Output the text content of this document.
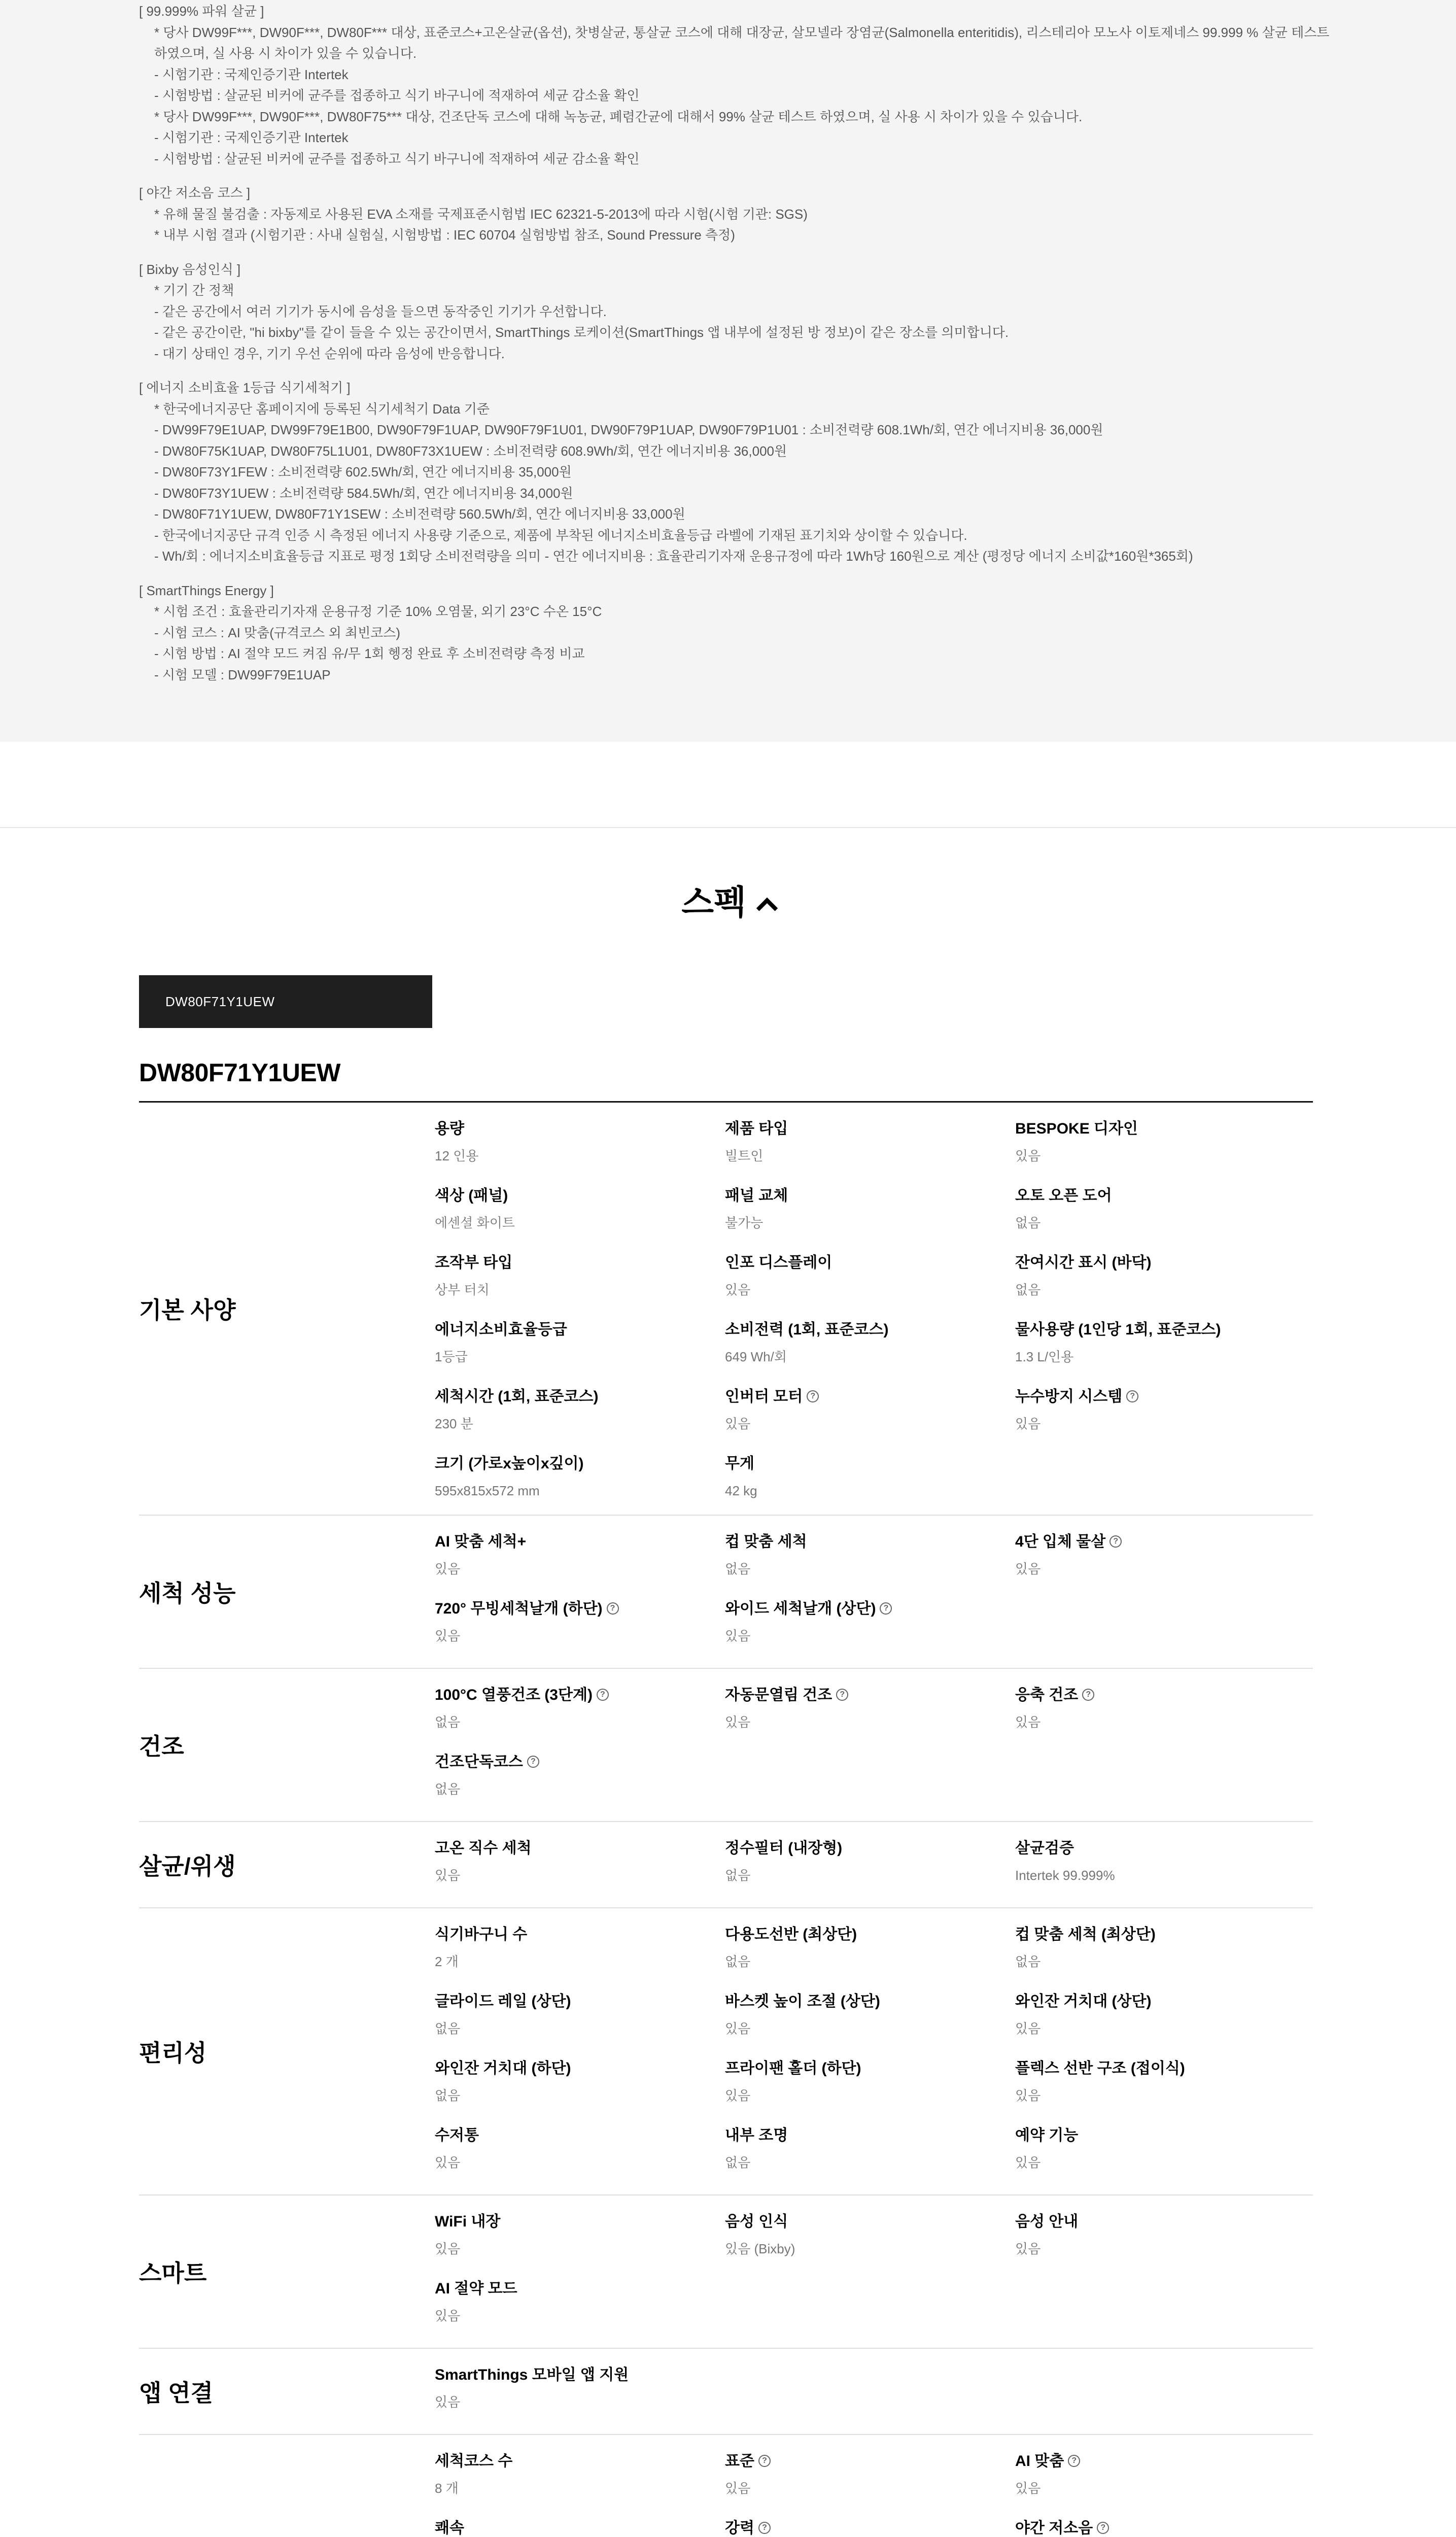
[ 99.999% 파워 살균 ]
* 당사 DW99F***, DW90F***, DW80F*** 대상, 표준코스+고온살균(옵션), 찻병살균, 통살균 코스에 대해 대장균, 살모넬라 장염균(Salmonella enteritidis), 리스테리아 모노사 이토제네스 99.999 % 살균 테스트
하였으며, 실 사용 시 차이가 있을 수 있습니다.
- 시험기관 : 국제인증기관 Intertek
- 시험방법 : 살균된 비커에 균주를 접종하고 식기 바구니에 적재하여 세균 감소율 확인
* 당사 DW99F***, DW90F***, DW80F75*** 대상, 건조단독 코스에 대해 녹농균, 폐렴간균에 대해서 99% 살균 테스트 하였으며, 실 사용 시 차이가 있을 수 있습니다.
- 시험기관 : 국제인증기관 Intertek
- 시험방법 : 살균된 비커에 균주를 접종하고 식기 바구니에 적재하여 세균 감소율 확인
[ 야간 저소음 코스 ]
* 유해 물질 불검출 : 자동제로 사용된 EVA 소재를 국제표준시험법 IEC 62321-5-2013에 따라 시험(시험 기관: SGS)
* 내부 시험 결과 (시험기관 : 사내 실험실, 시험방법 : IEC 60704 실험방법 참조, Sound Pressure 측정)
[ Bixby 음성인식 ]
* 기기 간 정책
- 같은 공간에서 여러 기기가 동시에 음성을 들으면 동작중인 기기가 우선합니다.
- 같은 공간이란, "hi bixby"를 같이 들을 수 있는 공간이면서, SmartThings 로케이션(SmartThings 앱 내부에 설정된 방 정보)이 같은 장소를 의미합니다.
- 대기 상태인 경우, 기기 우선 순위에 따라 음성에 반응합니다.
[ 에너지 소비효율 1등급 식기세척기 ]
* 한국에너지공단 홈페이지에 등록된 식기세척기 Data 기준
- DW99F79E1UAP, DW99F79E1B00, DW90F79F1UAP, DW90F79F1U01, DW90F79P1UAP, DW90F79P1U01 : 소비전력량 608.1Wh/회, 연간 에너지비용 36,000원
- DW80F75K1UAP, DW80F75L1U01, DW80F73X1UEW : 소비전력량 608.9Wh/회, 연간 에너지비용 36,000원
- DW80F73Y1FEW : 소비전력량 602.5Wh/회, 연간 에너지비용 35,000원
- DW80F73Y1UEW : 소비전력량 584.5Wh/회, 연간 에너지비용 34,000원
- DW80F71Y1UEW, DW80F71Y1SEW : 소비전력량 560.5Wh/회, 연간 에너지비용 33,000원
- 한국에너지공단 규격 인증 시 측정된 에너지 사용량 기준으로, 제품에 부착된 에너지소비효율등급 라벨에 기재된 표기치와 상이할 수 있습니다.
- Wh/회 : 에너지소비효율등급 지표로 평정 1회당 소비전력량을 의미 - 연간 에너지비용 : 효율관리기자재 운용규정에 따라 1Wh당 160원으로 계산 (평정당 에너지 소비값*160원*365회)
[ SmartThings Energy ]
* 시험 조건 : 효율관리기자재 운용규정 기준 10% 오염물, 외기 23°C 수온 15°C
- 시험 코스 : AI 맞춤(규격코스 외 최빈코스)
- 시험 방법 : AI 절약 모드 켜짐 유/무 1회 헹정 완료 후 소비전력량 측정 비교
- 시험 모델 : DW99F79E1UAP
스펙
DW80F71Y1UEW
DW80F71Y1UEW
기본 사양
용량
12 인용
제품 타입
빌트인
BESPOKE 디자인
있음
색상 (패널)
에센셜 화이트
패널 교체
불가능
오토 오픈 도어
없음
조작부 타입
상부 터치
인포 디스플레이
있음
잔여시간 표시 (바닥)
없음
에너지소비효율등급
1등급
소비전력 (1회, 표준코스)
649 Wh/회
물사용량 (1인당 1회, 표준코스)
1.3 L/인용
세척시간 (1회, 표준코스)
230 분
인버터 모터 ?
있음
누수방지 시스템 ?
있음
크기 (가로x높이x깊이)
595x815x572 mm
무게
42 kg
세척 성능
AI 맞춤 세척+
있음
컵 맞춤 세척
없음
4단 입체 물살 ?
있음
720° 무빙세척날개 (하단) ?
있음
와이드 세척날개 (상단) ?
있음
건조
100°C 열풍건조 (3단계) ?
없음
자동문열림 건조 ?
있음
응축 건조 ?
있음
건조단독코스 ?
없음
살균/위생
고온 직수 세척
있음
정수필터 (내장형)
없음
살균검증
Intertek 99.999%
편리성
식기바구니 수
2 개
다용도선반 (최상단)
없음
컵 맞춤 세척 (최상단)
없음
글라이드 레일 (상단)
없음
바스켓 높이 조절 (상단)
있음
와인잔 거치대 (상단)
있음
와인잔 거치대 (하단)
없음
프라이팬 홀더 (하단)
있음
플렉스 선반 구조 (접이식)
있음
수저통
있음
내부 조명
없음
예약 기능
있음
스마트
WiFi 내장
있음
음성 인식
있음 (Bixby)
음성 안내
있음
AI 절약 모드
있음
앱 연결
SmartThings 모바일 앱 지원
있음
세척코스 수
8 개
표준 ?
있음
AI 맞춤 ?
있음
쾌속	강력 ?	야간 저소음 ?
